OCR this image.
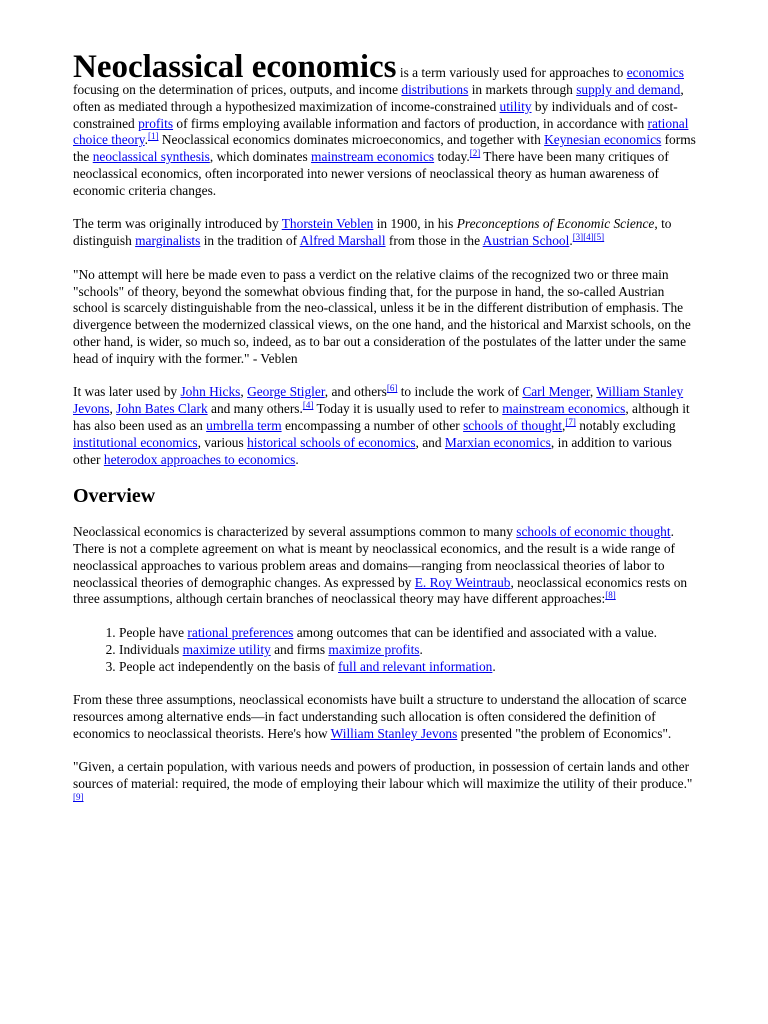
Neoclassical economics is a term variously used for approaches to economics focusing on the determination of prices, outputs, and income distributions in markets through supply and demand, often as mediated through a hypothesized maximization of income-constrained utility by individuals and of cost-constrained profits of firms employing available information and factors of production, in accordance with rational choice theory.[1] Neoclassical economics dominates microeconomics, and together with Keynesian economics forms the neoclassical synthesis, which dominates mainstream economics today.[2] There have been many critiques of neoclassical economics, often incorporated into newer versions of neoclassical theory as human awareness of economic criteria changes.

The term was originally introduced by Thorstein Veblen in 1900, in his Preconceptions of Economic Science, to distinguish marginalists in the tradition of Alfred Marshall from those in the Austrian School.[3][4][5]

"No attempt will here be made even to pass a verdict on the relative claims of the recognized two or three main "schools" of theory, beyond the somewhat obvious finding that, for the purpose in hand, the so-called Austrian school is scarcely distinguishable from the neo-classical, unless it be in the different distribution of emphasis. The divergence between the modernized classical views, on the one hand, and the historical and Marxist schools, on the other hand, is wider, so much so, indeed, as to bar out a consideration of the postulates of the latter under the same head of inquiry with the former." - Veblen

It was later used by John Hicks, George Stigler, and others[6] to include the work of Carl Menger, William Stanley Jevons, John Bates Clark and many others.[4] Today it is usually used to refer to mainstream economics, although it has also been used as an umbrella term encompassing a number of other schools of thought,[7] notably excluding institutional economics, various historical schools of economics, and Marxian economics, in addition to various other heterodox approaches to economics.

Overview

Neoclassical economics is characterized by several assumptions common to many schools of economic thought. There is not a complete agreement on what is meant by neoclassical economics, and the result is a wide range of neoclassical approaches to various problem areas and domains—ranging from neoclassical theories of labor to neoclassical theories of demographic changes. As expressed by E. Roy Weintraub, neoclassical economics rests on three assumptions, although certain branches of neoclassical theory may have different approaches:[8]

1. People have rational preferences among outcomes that can be identified and associated with a value.
2. Individuals maximize utility and firms maximize profits.
3. People act independently on the basis of full and relevant information.

From these three assumptions, neoclassical economists have built a structure to understand the allocation of scarce resources among alternative ends—in fact understanding such allocation is often considered the definition of economics to neoclassical theorists. Here's how William Stanley Jevons presented "the problem of Economics".

"Given, a certain population, with various needs and powers of production, in possession of certain lands and other sources of material: required, the mode of employing their labour which will maximize the utility of their produce."[9]
